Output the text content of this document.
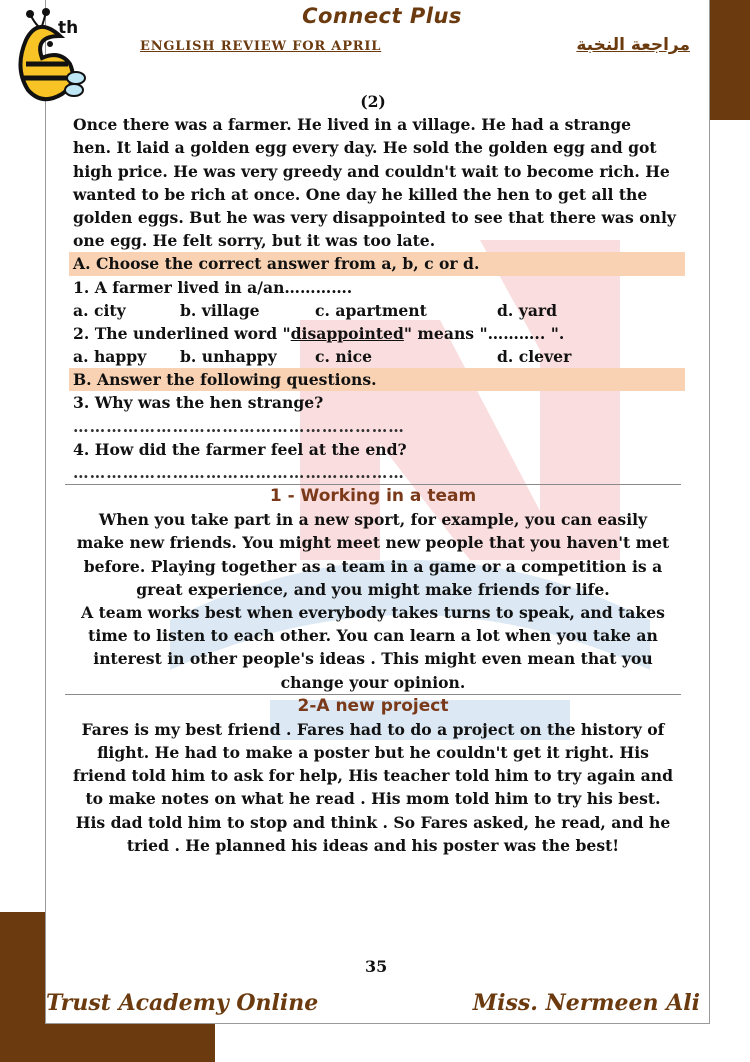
th	Connect Plus
ENGLISH REVIEW FOR APRIL	مراجعة النخبة
(2)
Once there was a farmer. He lived in a village. He had a strange
hen. It laid a golden egg every day. He sold the golden egg and got
high price. He was very greedy and couldn't wait to become rich. He
wanted to be rich at once. One day he killed the hen to get all the
golden eggs. But he was very disappointed to see that there was only
one egg. He felt sorry, but it was too late.
A. Choose the correct answer from a, b, c or d.
1. A farmer lived in a/an………….
a. city	b. village	c. apartment	d. yard
2. The underlined word "disappointed" means "……….. ".
a. happy b. unhappy c. nice	d. clever
B. Answer the following questions.
3. Why was the hen strange?
……………………………………………………
4. How did the farmer feel at the end?
……………………………………………………
1 - Working in a team
When you take part in a new sport, for example, you can easily
make new friends. You might meet new people that you haven't met
before. Playing together as a team in a game or a competition is a
great experience, and you might make friends for life.
A team works best when everybody takes turns to speak, and takes
time to listen to each other. You can learn a lot when you take an
interest in other people's ideas . This might even mean that you
change your opinion.
2-A new project
Fares is my best friend . Fares had to do a project on the history of
flight. He had to make a poster but he couldn't get it right. His
friend told him to ask for help, His teacher told him to try again and
to make notes on what he read . His mom told him to try his best.
His dad told him to stop and think . So Fares asked, he read, and he
tried . He planned his ideas and his poster was the best!
35
Trust Academy Online	Miss. Nermeen Ali
